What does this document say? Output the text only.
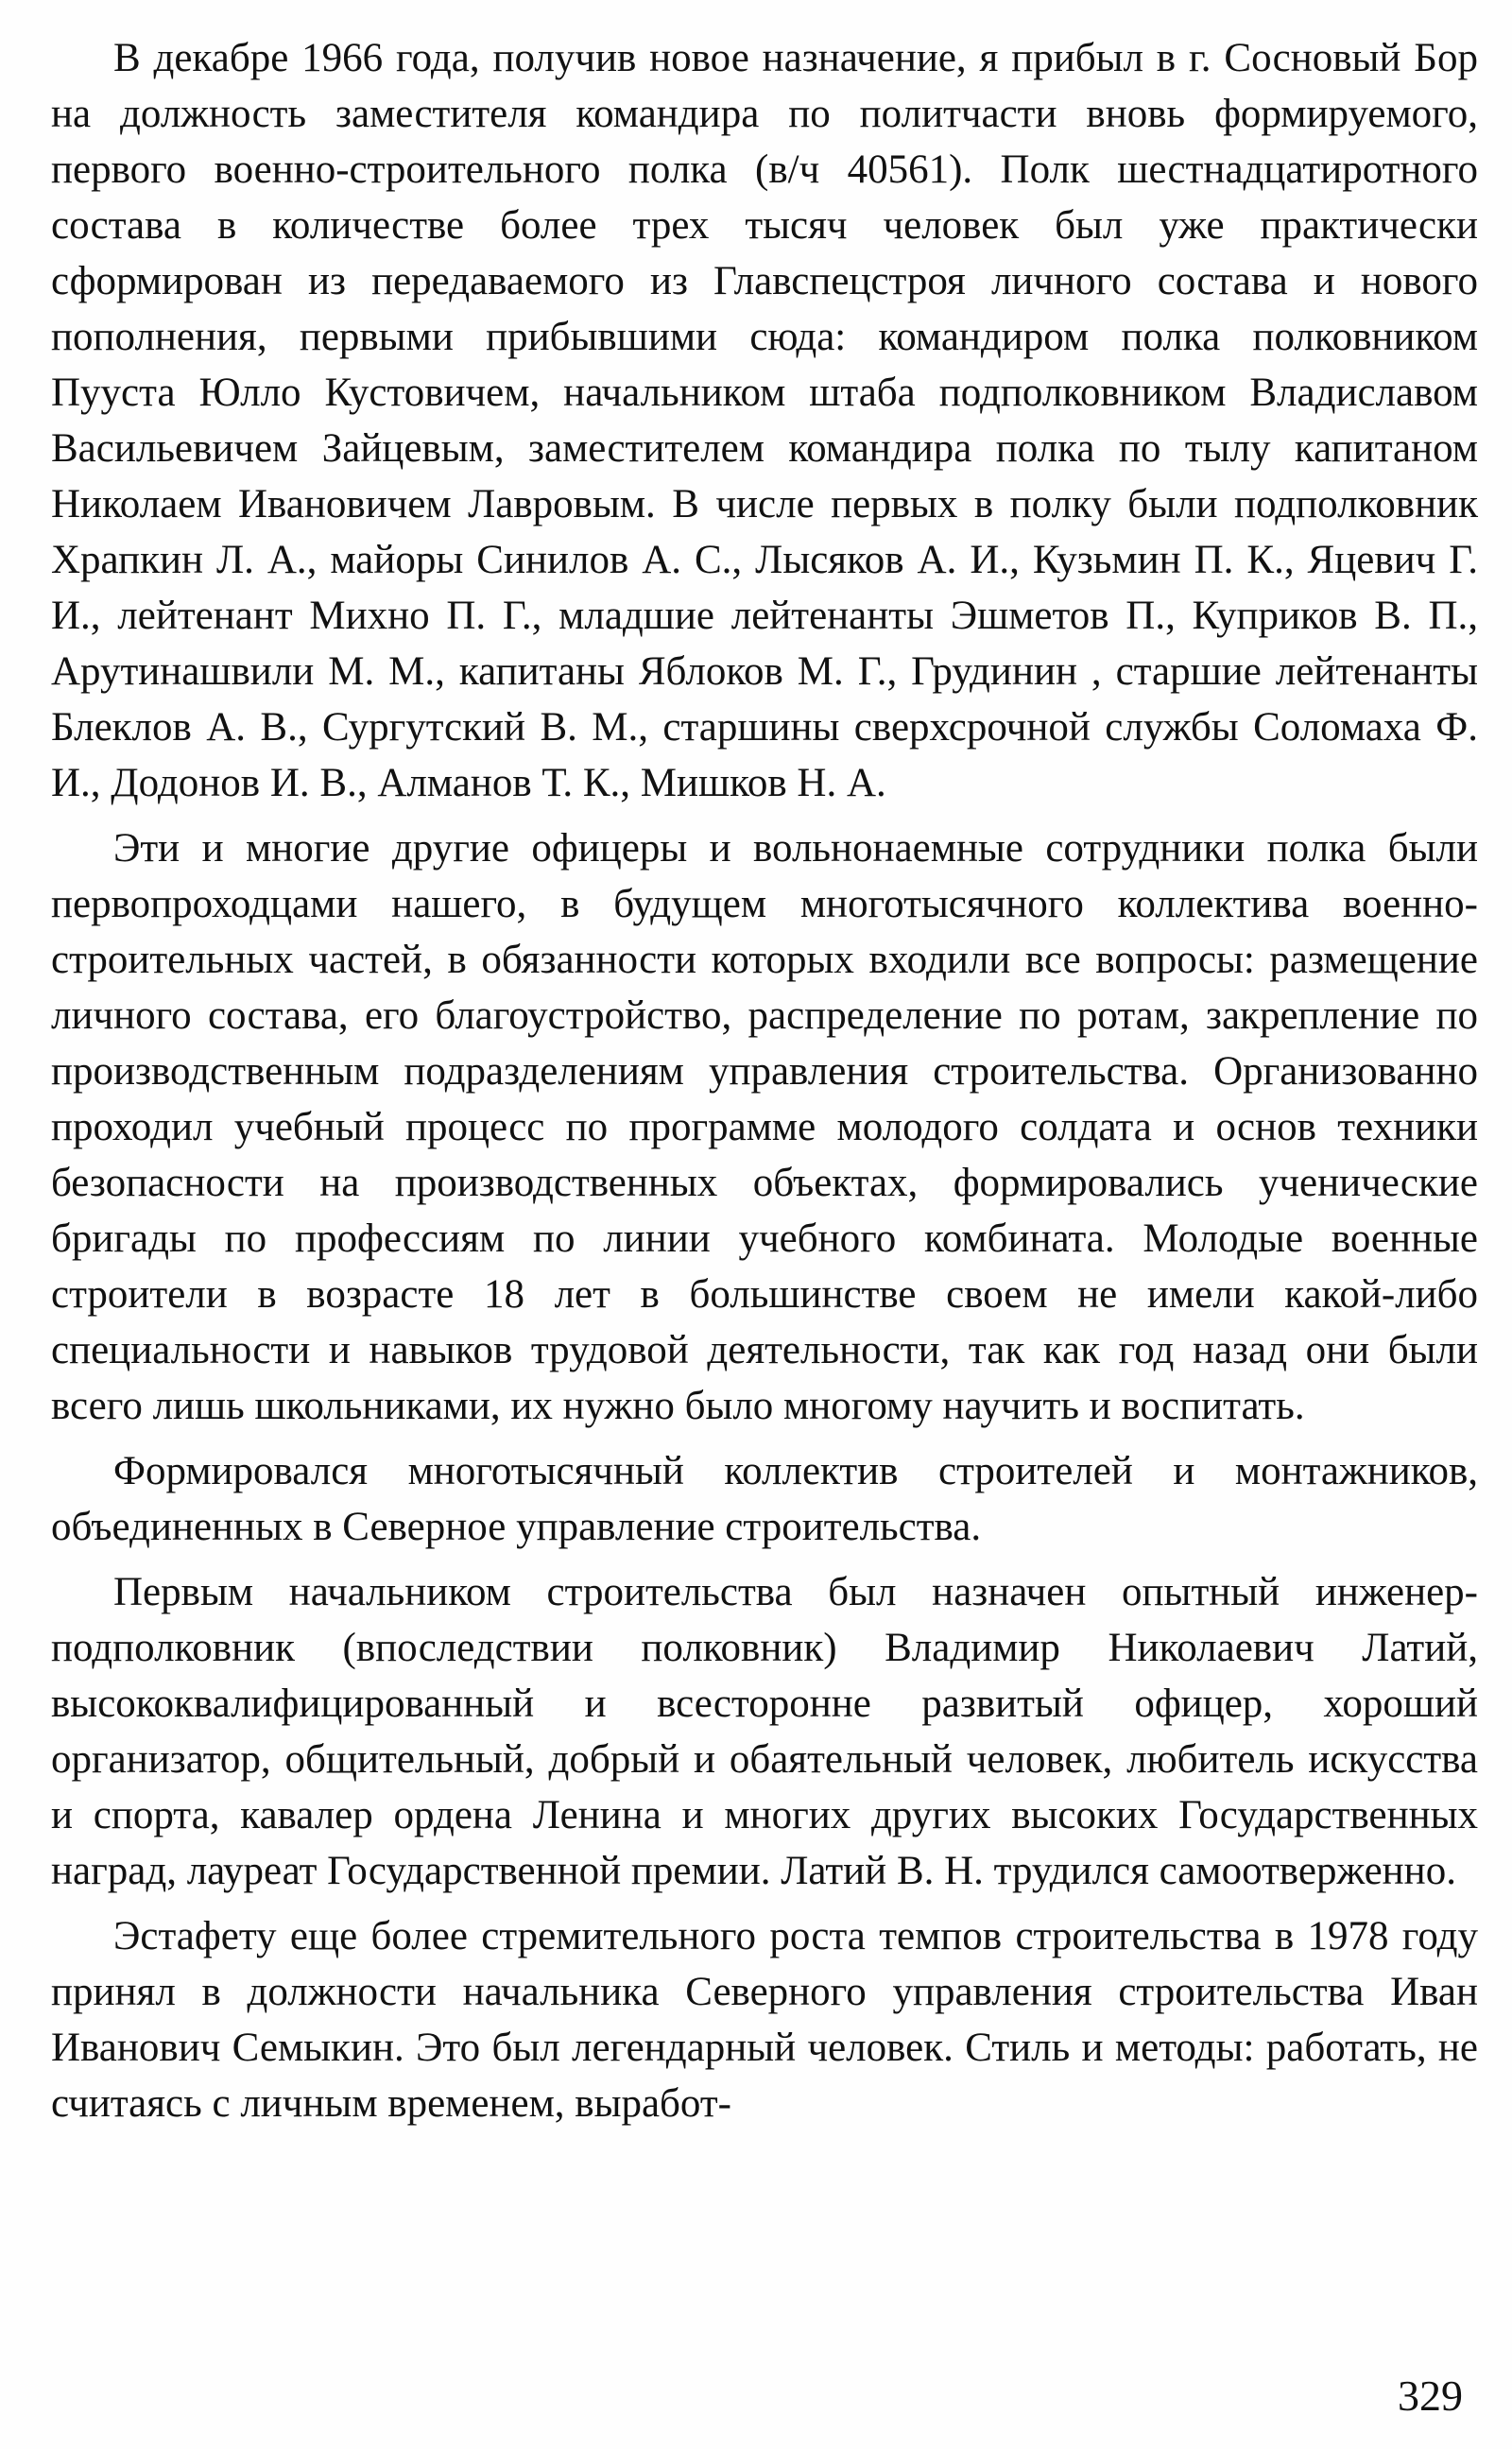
В декабре 1966 года, получив новое назначение, я прибыл в г. Сосновый Бор на должность заместителя командира по политчасти вновь формируемого, первого военно-строительного полка (в/ч 40561). Полк шестнадцатиротного состава в количестве более трех тысяч человек был уже практически сформирован из передаваемого из Главспецстроя личного состава и нового пополнения, первыми прибывшими сюда: командиром полка полковником Пууста Юлло Кустовичем, начальником штаба подполковником Владиславом Васильевичем Зайцевым, заместителем командира полка по тылу капитаном Николаем Ивановичем Лавровым. В числе первых в полку были подполковник Храпкин Л. А., майоры Синилов А. С., Лысяков А. И., Кузьмин П. К., Яцевич Г. И., лейтенант Михно П. Г., младшие лейтенанты Эшметов П., Куприков В. П., Арутинашвили М. М., капитаны Яблоков М. Г., Грудинин , старшие лейтенанты Блеклов А. В., Сургутский В. М., старшины сверхсрочной службы Соломаха Ф. И., Додонов И. В., Алманов Т. К., Мишков Н. А.

Эти и многие другие офицеры и вольнонаемные сотрудники полка были первопроходцами нашего, в будущем многотысячного коллектива военно-строительных частей, в обязанности которых входили все вопросы: размещение личного состава, его благоустройство, распределение по ротам, закрепление по производственным подразделениям управления строительства. Организованно проходил учебный процесс по программе молодого солдата и основ техники безопасности на производственных объектах, формировались ученические бригады по профессиям по линии учебного комбината. Молодые военные строители в возрасте 18 лет в большинстве своем не имели какой-либо специальности и навыков трудовой деятельности, так как год назад они были всего лишь школьниками, их нужно было многому научить и воспитать.

Формировался многотысячный коллектив строителей и монтажников, объединенных в Северное управление строительства.

Первым начальником строительства был назначен опытный инженер-подполковник (впоследствии полковник) Владимир Николаевич Латий, высококвалифицированный и всесторонне развитый офицер, хороший организатор, общительный, добрый и обаятельный человек, любитель искусства и спорта, кавалер ордена Ленина и многих других высоких Государственных наград, лауреат Государственной премии. Латий В. Н. трудился самоотверженно.

Эстафету еще более стремительного роста темпов строительства в 1978 году принял в должности начальника Северного управления строительства Иван Иванович Семыкин. Это был легендарный человек. Стиль и методы: работать, не считаясь с личным временем, выработ-

329
